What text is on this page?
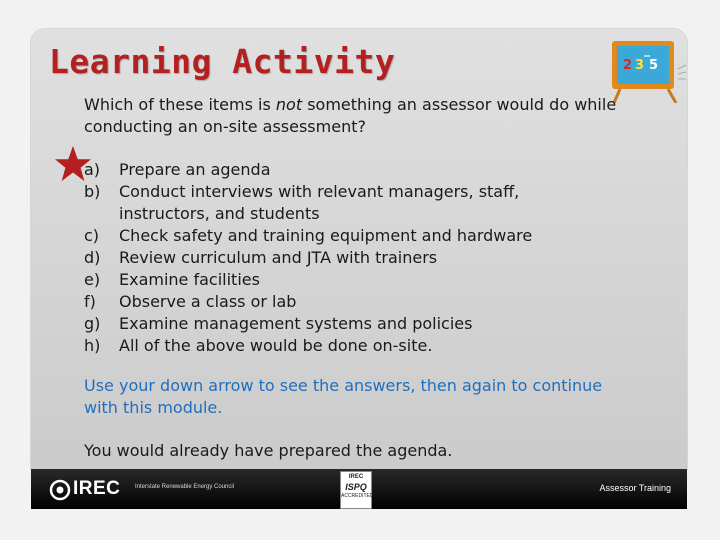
Learning Activity	2 3 5
Which of these items is not something an assessor would do while conducting an on-site assessment?
a)	Prepare an agenda
b)	Conduct interviews with relevant managers, staff, instructors, and students
c)	Check safety and training equipment and hardware
d)	Review curriculum and JTA with trainers
e)	Examine facilities
f)	Observe a class or lab
g)	Examine management systems and policies
h)	All of the above would be done on-site.
Use your down arrow to see the answers, then again to continue with this module.
You would already have prepared the agenda.
IREC Interstate Renewable Energy Council
IREC
ISPQ
ACCREDITED
Assessor Training
